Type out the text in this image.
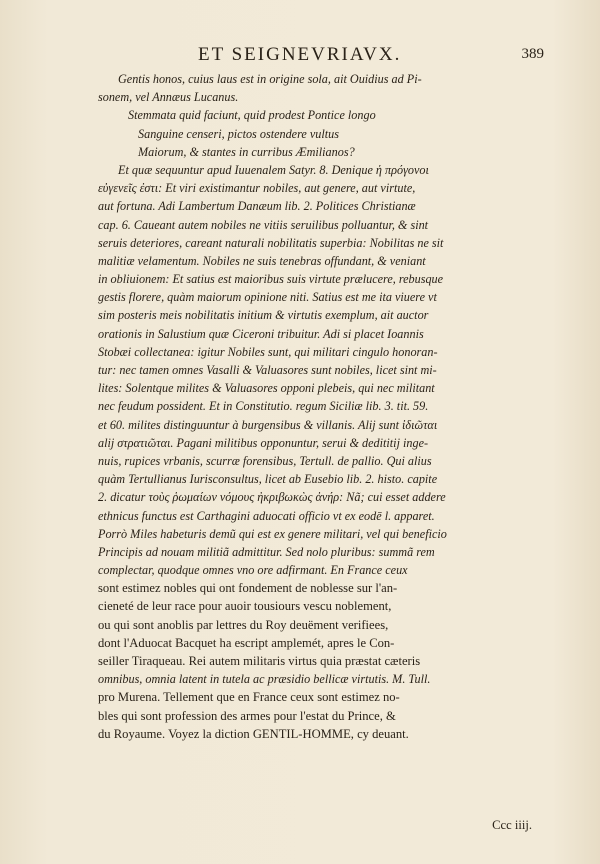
ET SEIGNEVRIAVX.	389
Gentis honos, cuius laus est in origine sola, ait Ouidius ad Pi-
sonem, vel Annæus Lucanus.
Stemmata quid faciunt, quid prodest Pontice longo
Sanguine censeri, pictos ostendere vultus
Maiorum, & stantes in curribus Æmilianos?
Et quæ sequuntur apud Iuuenalem Satyr. 8. Denique ἡ πρόγονοι
εὐγενεῖς ἐστι: Et viri existimantur nobiles, aut genere, aut virtute,
aut fortuna. Adi Lambertum Danæum lib. 2. Politices Christianæ
cap. 6. Caueant autem nobiles ne vitiis seruilibus polluantur, & sint
seruis deteriores, careant naturali nobilitatis superbia: Nobilitas ne sit
malitiæ velamentum. Nobiles ne suis tenebras offundant, & veniant
in obliuionem: Et satius est maioribus suis virtute prælucere, rebusque
gestis florere, quàm maiorum opinione niti. Satius est me ita viuere vt
sim posteris meis nobilitatis initium & virtutis exemplum, ait auctor
orationis in Salustium quæ Ciceroni tribuitur. Adi si placet Ioannis
Stobæi collectanea: igitur Nobiles sunt, qui militari cingulo honoran-
tur: nec tamen omnes Vasalli & Valuasores sunt nobiles, licet sint mi-
lites: Solentque milites & Valuasores opponi plebeis, qui nec militant
nec feudum possident. Et in Constitutio. regum Siciliæ lib. 3. tit. 59.
et 60. milites distinguuntur à burgensibus & villanis. Alij sunt ἰδιῶται
alij στρατιῶται. Pagani militibus opponuntur, serui & dedititij inge-
nuis, rupices vrbanis, scurræ forensibus, Tertull. de pallio. Qui alius
quàm Tertullianus Iurisconsultus, licet ab Eusebio lib. 2. histo. capite
2. dicatur τοὺς ῥωμαίων νόμους ἠκριβωκὼς ἀνήρ: Nã; cui esset addere
ethnicus functus est Carthagini aduocati officio vt ex eodē l. apparet.
Porrò Miles habeturis demũ qui est ex genere militari, vel qui beneficio
Principis ad nouam militiã admittitur. Sed nolo pluribus: summã rem
complectar, quodque omnes vno ore adfirmant. En France ceux
sont estimez nobles qui ont fondement de noblesse sur l'an-
cieneté de leur race pour auoir tousiours vescu noblement,
ou qui sont anoblis par lettres du Roy deuëment verifiees,
dont l'Aduocat Bacquet ha escript amplemét, apres le Con-
seiller Tiraqueau. Rei autem militaris virtus quia præstat cæteris
omnibus, omnia latent in tutela ac præsidio bellicæ virtutis. M. Tull.
pro Murena. Tellement que en France ceux sont estimez no-
bles qui sont profession des armes pour l'estat du Prince, &
du Royaume. Voyez la diction GENTIL-HOMME, cy deuant.
Ccc iiij.
